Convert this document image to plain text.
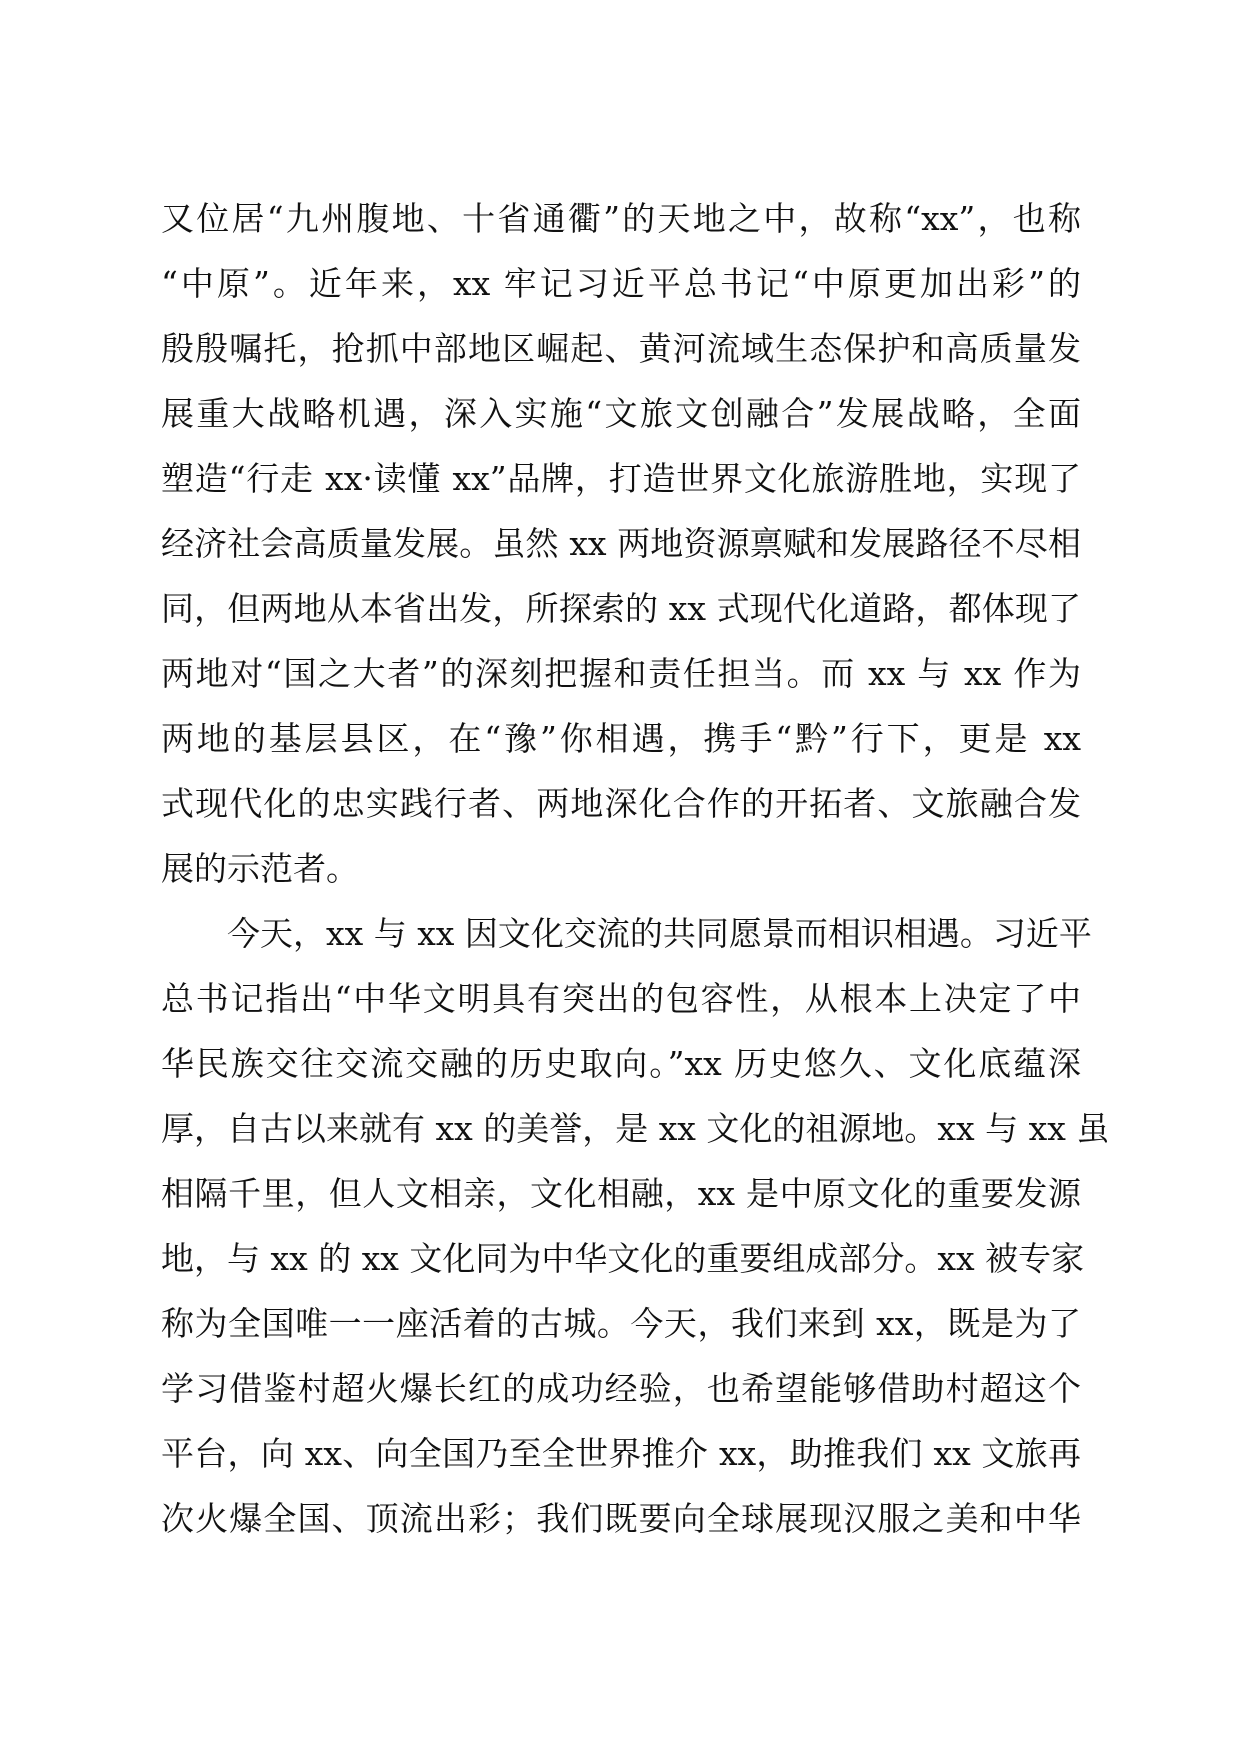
又位居“九州腹地、十省通衢”的天地之中，故称“xx”，也称
“中原”。近年来，xx 牢记习近平总书记“中原更加出彩”的
殷殷嘱托，抢抓中部地区崛起、黄河流域生态保护和高质量发
展重大战略机遇，深入实施“文旅文创融合”发展战略，全面
塑造“行走 xx·读懂 xx”品牌，打造世界文化旅游胜地，实现了
经济社会高质量发展。虽然 xx 两地资源禀赋和发展路径不尽相
同，但两地从本省出发，所探索的 xx 式现代化道路，都体现了
两地对“国之大者”的深刻把握和责任担当。而 xx 与 xx 作为
两地的基层县区，在“豫”你相遇，携手“黔”行下，更是 xx
式现代化的忠实践行者、两地深化合作的开拓者、文旅融合发
展的示范者。
今天，xx 与 xx 因文化交流的共同愿景而相识相遇。习近平
总书记指出“中华文明具有突出的包容性，从根本上决定了中
华民族交往交流交融的历史取向。”xx 历史悠久、文化底蕴深
厚，自古以来就有 xx 的美誉，是 xx 文化的祖源地。xx 与 xx 虽
相隔千里，但人文相亲，文化相融，xx 是中原文化的重要发源
地，与 xx 的 xx 文化同为中华文化的重要组成部分。xx 被专家
称为全国唯一一座活着的古城。今天，我们来到 xx，既是为了
学习借鉴村超火爆长红的成功经验，也希望能够借助村超这个
平台，向 xx、向全国乃至全世界推介 xx，助推我们 xx 文旅再
次火爆全国、顶流出彩；我们既要向全球展现汉服之美和中华
